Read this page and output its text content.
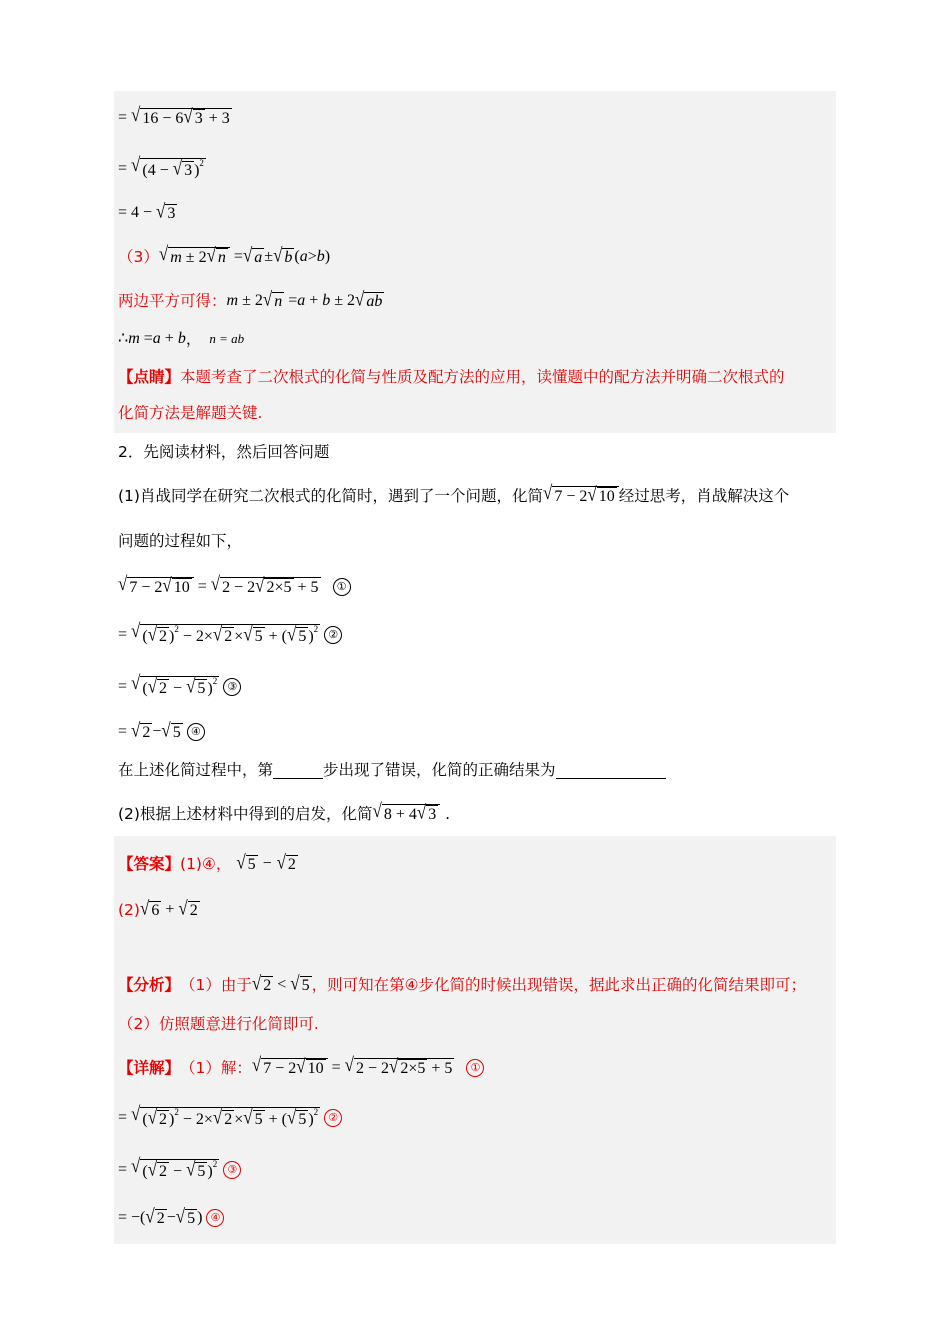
=
√ 16 − 6 √ 3 + 3
=
√ (4 − √ 3 )$^2$
= 4 −
√ 3
（3） √ m ± 2 √ n = √ a ± √ b ( a > b )
两边平方可得： m ± 2 √ n = a + b ± 2 √ ab
∴ m = a + b ，
n
=
ab
【点睛】 本题考查了二次根式的化简与性质及配方法的应用，读懂题中的配方法并明确二次根式的
化简方法是解题关键.
2．先阅读材料，然后回答问题
(1)肖战同学在研究二次根式的化简时，遇到了一个问题，化简 √ 7 − 2 √ 10 经过思考，肖战解决这个
问题的过程如下，
√ 7 − 2 √ 10 = √ 2 − 2 √ 2×5 + 5	①
= √ ( √ 2 )$^2$ − 2× √ 2 × √ 5 + ( √ 5 )$^2$ ②
= √ ( √ 2 − √ 5 )$^2$ ③
= √ 2 − √ 5 ④
在上述化简过程中，第	步出现了错误，化简的正确结果为
(2)根据上述材料中得到的启发，化简 √ 8 + 4 √ 3
.
【答案】 (1)④，
√ 5
−
√ 2
(2) √ 6 + √ 2
【分析】 （1）由于 √ 2 < √ 5 ，则可知在第④步化简的时候出现错误，据此求出正确的化简结果即可；
（2）仿照题意进行化简即可.
【详解】 （1）解： √ 7 − 2 √ 10 = √ 2 − 2 √ 2×5 + 5	①
= √ ( √ 2 )$^2$ − 2× √ 2 × √ 5 + ( √ 5 )$^2$ ②
= √ ( √ 2 − √ 5 )$^2$ ③
= −( √ 2 − √ 5 ) ④
